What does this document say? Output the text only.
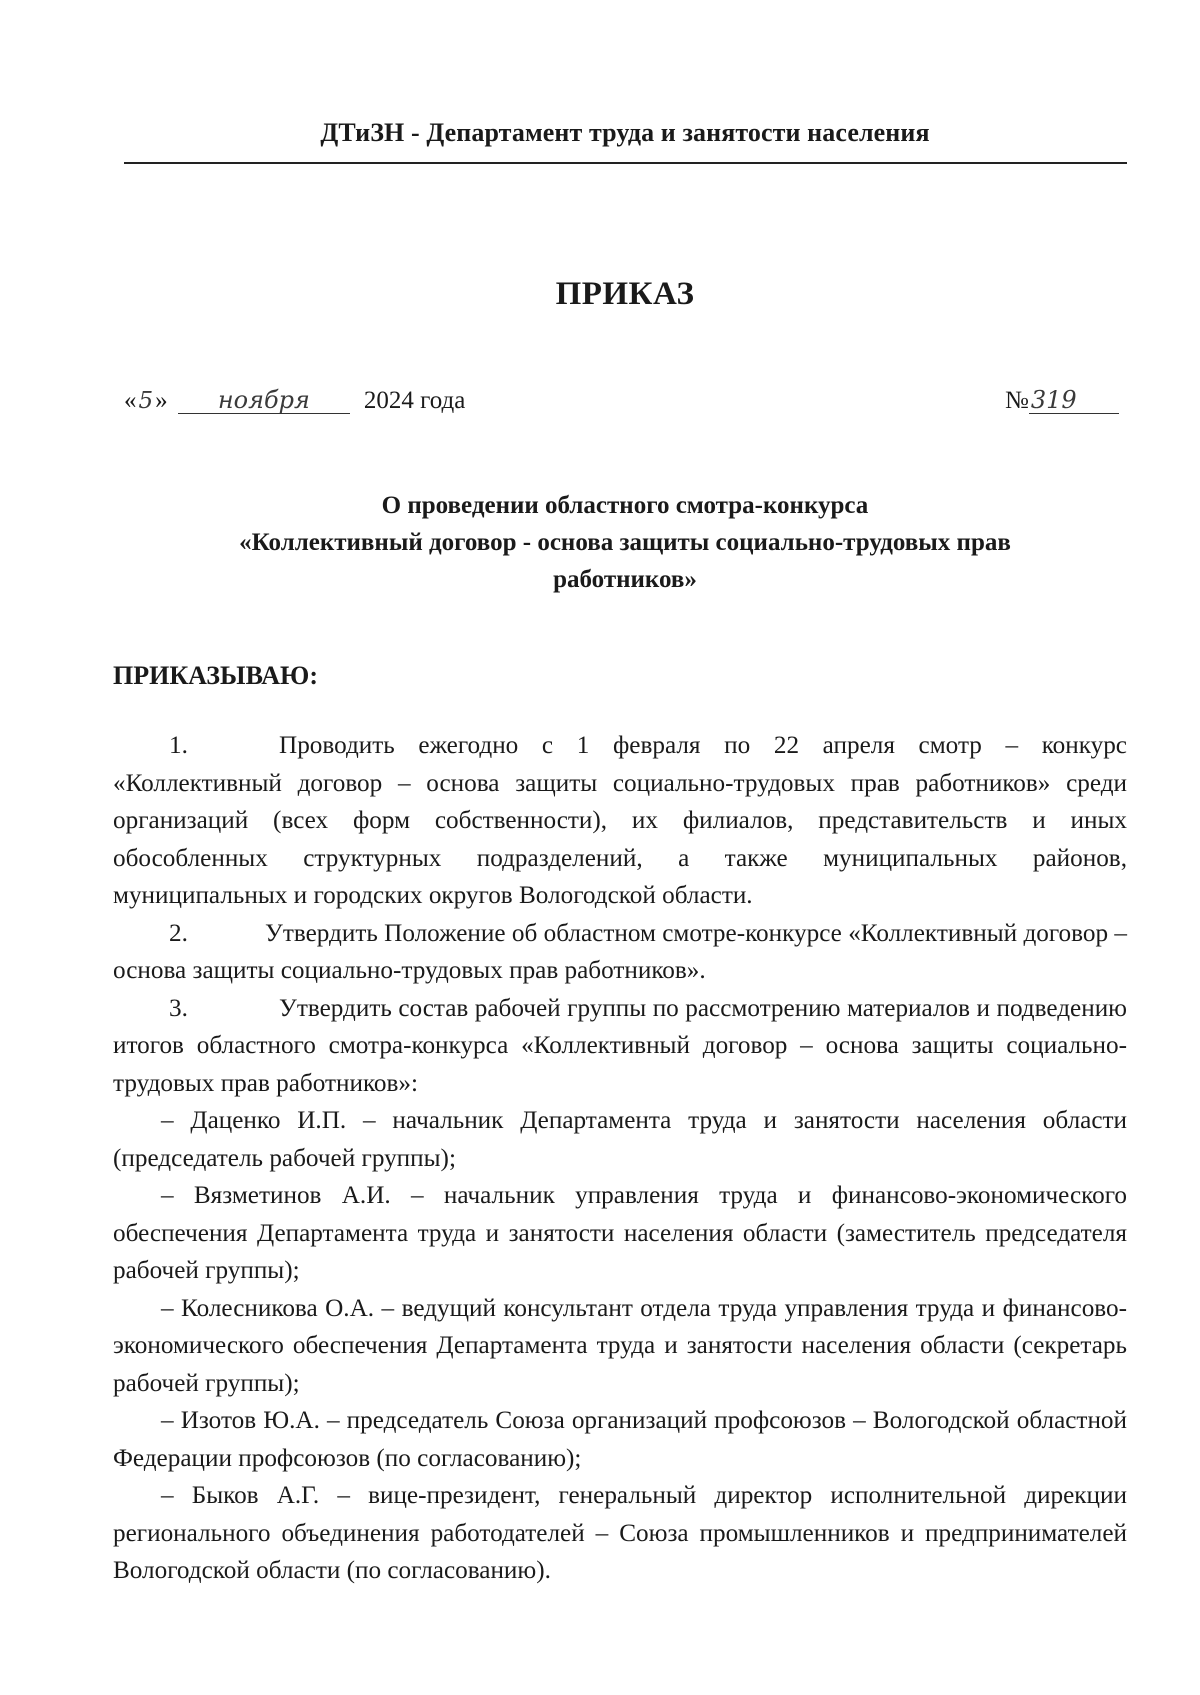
ДТиЗН - Департамент труда и занятости населения
ПРИКАЗ
«5» ноября 2024 года	№319
О проведении областного смотра-конкурса
«Коллективный договор - основа защиты социально-трудовых прав
работников»
ПРИКАЗЫВАЮ:

1.	Проводить ежегодно с 1 февраля по 22 апреля смотр – конкурс «Коллективный договор – основа защиты социально-трудовых прав работников» среди организаций (всех форм собственности), их филиалов, представительств и иных обособленных структурных подразделений, а также муниципальных районов, муниципальных и городских округов Вологодской области.

2.	Утвердить Положение об областном смотре-конкурсе «Коллективный договор – основа защиты социально-трудовых прав работников».

3.	Утвердить состав рабочей группы по рассмотрению материалов и подведению итогов областного смотра-конкурса «Коллективный договор – основа защиты социально-трудовых прав работников»:

– Даценко И.П. – начальник Департамента труда и занятости населения области (председатель рабочей группы);

– Вязметинов А.И. – начальник управления труда и финансово-экономического обеспечения Департамента труда и занятости населения области (заместитель председателя рабочей группы);

– Колесникова О.А. – ведущий консультант отдела труда управления труда и финансово-экономического обеспечения Департамента труда и занятости населения области (секретарь рабочей группы);

– Изотов Ю.А. – председатель Союза организаций профсоюзов – Вологодской областной Федерации профсоюзов (по согласованию);

– Быков А.Г. – вице-президент, генеральный директор исполнительной дирекции регионального объединения работодателей – Союза промышленников и предпринимателей Вологодской области (по согласованию).
